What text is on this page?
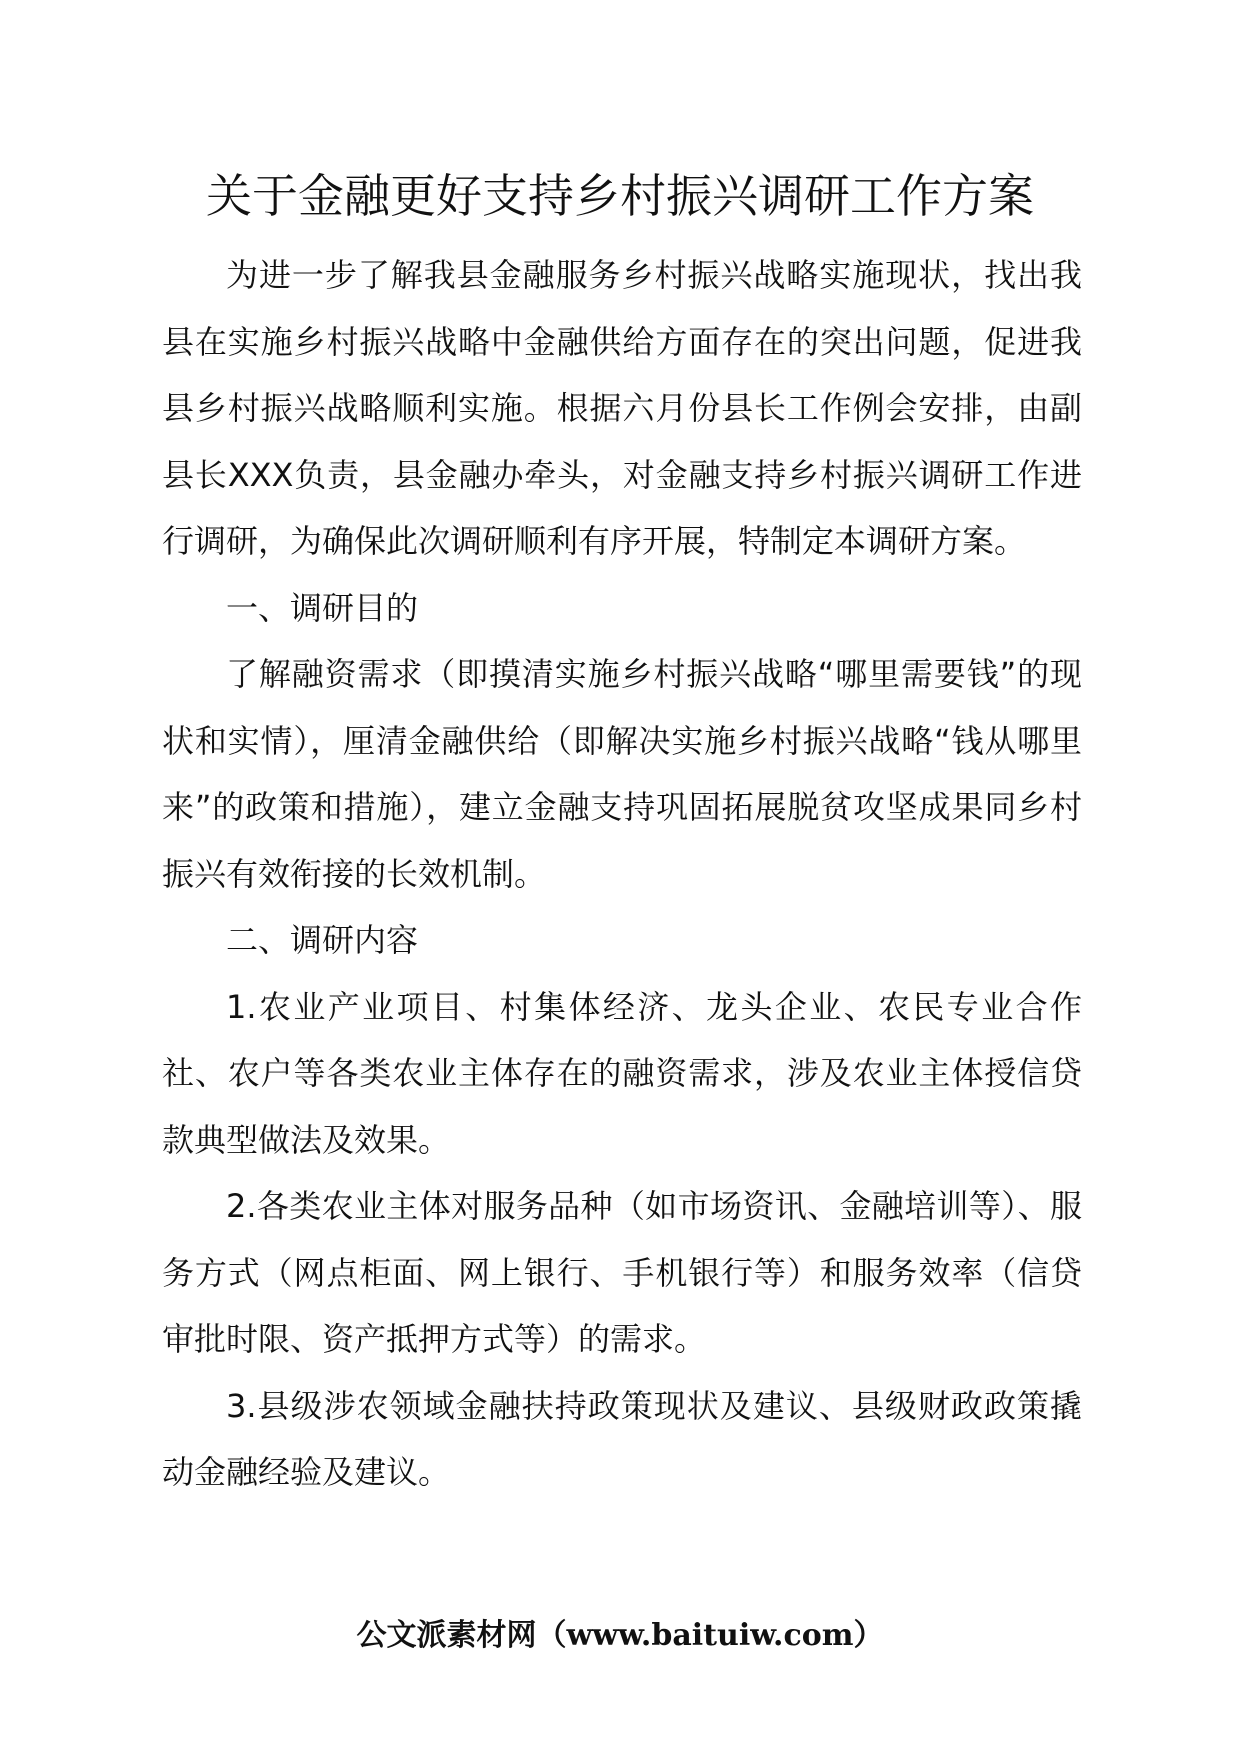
关于金融更好支持乡村振兴调研工作方案

为进一步了解我县金融服务乡村振兴战略实施现状，找出我县在实施乡村振兴战略中金融供给方面存在的突出问题，促进我县乡村振兴战略顺利实施。根据六月份县长工作例会安排，由副县长XXX负责，县金融办牵头，对金融支持乡村振兴调研工作进行调研，为确保此次调研顺利有序开展，特制定本调研方案。

一、调研目的

了解融资需求（即摸清实施乡村振兴战略“哪里需要钱”的现状和实情），厘清金融供给（即解决实施乡村振兴战略“钱从哪里来”的政策和措施），建立金融支持巩固拓展脱贫攻坚成果同乡村振兴有效衔接的长效机制。

二、调研内容

1.农业产业项目、村集体经济、龙头企业、农民专业合作社、农户等各类农业主体存在的融资需求，涉及农业主体授信贷款典型做法及效果。

2.各类农业主体对服务品种（如市场资讯、金融培训等）、服务方式（网点柜面、网上银行、手机银行等）和服务效率（信贷审批时限、资产抵押方式等）的需求。

3.县级涉农领域金融扶持政策现状及建议、县级财政政策撬动金融经验及建议。

公文派素材网（www.baituiw.com）
